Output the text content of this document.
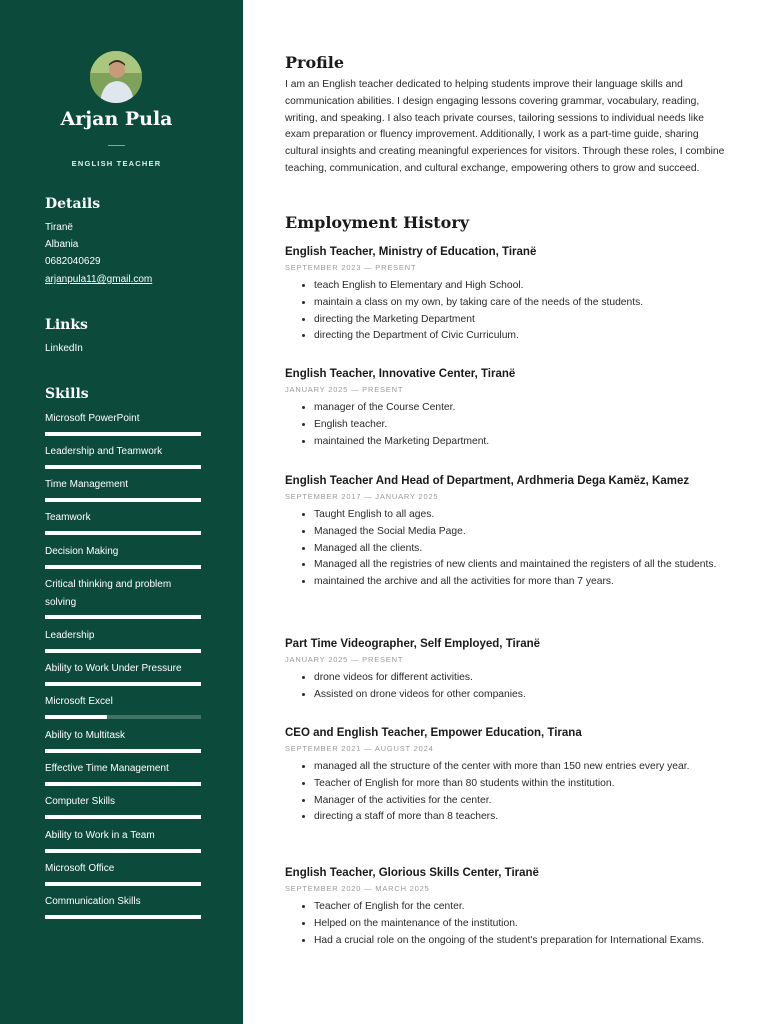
Arjan Pula
ENGLISH TEACHER
Details
Tiranë
Albania
0682040629
arjanpula11@gmail.com
Links
LinkedIn
Skills
Microsoft PowerPoint
Leadership and Teamwork
Time Management
Teamwork
Decision Making
Critical thinking and problem solving
Leadership
Ability to Work Under Pressure
Microsoft Excel
Ability to Multitask
Effective Time Management
Computer Skills
Ability to Work in a Team
Microsoft Office
Communication Skills
Profile
I am an English teacher dedicated to helping students improve their language skills and communication abilities. I design engaging lessons covering grammar, vocabulary, reading, writing, and speaking. I also teach private courses, tailoring sessions to individual needs like exam preparation or fluency improvement. Additionally, I work as a part-time guide, sharing cultural insights and creating meaningful experiences for visitors. Through these roles, I combine teaching, communication, and cultural exchange, empowering others to grow and succeed.
Employment History
English Teacher, Ministry of Education, Tiranë
SEPTEMBER 2023 — PRESENT
• teach English to Elementary and High School.
• maintain a class on my own, by taking care of the needs of the students.
• directing the Marketing Department
• directing the Department of Civic Curriculum.
English Teacher, Innovative Center, Tiranë
JANUARY 2025 — PRESENT
• manager of the Course Center.
• English teacher.
• maintained the Marketing Department.
English Teacher And Head of Department, Ardhmeria Dega Kamëz, Kamez
SEPTEMBER 2017 — JANUARY 2025
• Taught English to all ages.
• Managed the Social Media Page.
• Managed all the clients.
• Managed all the registries of new clients and maintained the registers of all the students.
• maintained the archive and all the activities for more than 7 years.
Part Time Videographer, Self Employed, Tiranë
JANUARY 2025 — PRESENT
• drone videos for different activities.
• Assisted on drone videos for other companies.
CEO and English Teacher, Empower Education, Tirana
SEPTEMBER 2021 — AUGUST 2024
• managed all the structure of the center with more than 150 new entries every year.
• Teacher of English for more than 80 students within the institution.
• Manager of the activities for the center.
• directing a staff of more than 8 teachers.
English Teacher, Glorious Skills Center, Tiranë
SEPTEMBER 2020 — MARCH 2025
• Teacher of English for the center.
• Helped on the maintenance of the institution.
• Had a crucial role on the ongoing of the student's preparation for International Exams.
